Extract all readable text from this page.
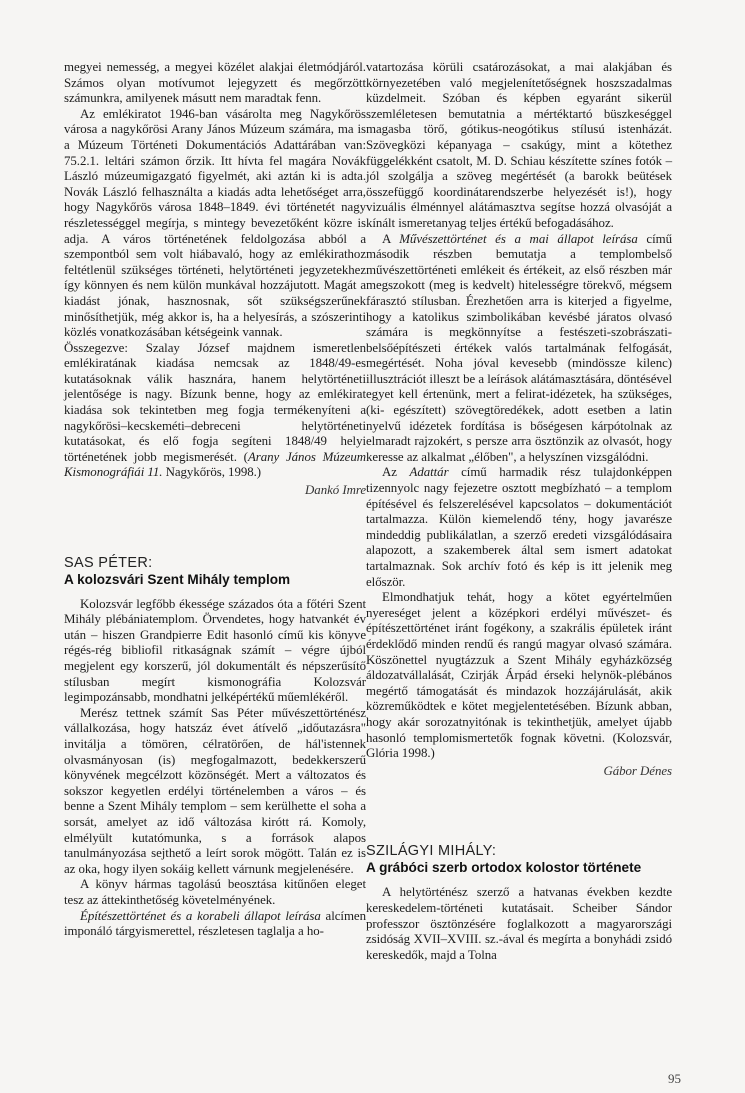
megyei nemesség, a megyei közélet alakjai életmódjáról. Számos olyan motívumot lejegyzett és megőrzött számunkra, amilyenek másutt nem maradtak fenn.

Az emlékiratot 1946-ban vásárolta meg Nagykőrös városa a nagykőrösi Arany János Múzeum számára, ma is a Múzeum Történeti Dokumentációs Adattárában van: 75.2.1. leltári számon őrzik. Itt hívta fel magára Novák László múzeumigazgató figyelmét, aki aztán ki is adta. Novák László felhasználta a kiadás adta lehetőséget arra, hogy Nagykőrös városa 1848–1849. évi történetét nagy részletességgel megírja, s mintegy bevezetőként közre is adja. A város történetének feldolgozása abból a szempontból sem volt hiábavaló, hogy az emlékirathoz feltétlenül szükséges történeti, helytörténeti jegyzetekhez így könnyen és nem külön munkával hozzájutott. Magát a kiadást jónak, hasznosnak, sőt szükségszerűnek minősíthetjük, még akkor is, ha a helyesírás, a szószerinti közlés vonatkozásában kétségeink vannak.

Összegezve: Szalay József majdnem ismeretlen emlékiratának kiadása nemcsak az 1848/49-es kutatásoknak válik hasznára, hanem helytörténeti jelentősége is nagy. Bízunk benne, hogy az emlékirat kiadása sok tekintetben meg fogja termékenyíteni a nagykőrösi–kecskeméti–debreceni helytörténeti kutatásokat, és elő fogja segíteni 1848/49 helyi történetének jobb megismerését. (Arany János Múzeum Kismonográfiái 11. Nagykőrös, 1998.)

Dankó Imre

SAS PÉTER:
A kolozsvári Szent Mihály templom

Kolozsvár legfőbb ékessége százados óta a főtéri Szent Mihály plébániatemplom. Örvendetes, hogy hatvankét év után – hiszen Grandpierre Edit hasonló című kis könyve régés-rég bibliofil ritkaságnak számít – végre újból megjelent egy korszerű, jól dokumentált és népszerűsítő stílusban megírt kismonográfia Kolozsvár legimpozánsabb, mondhatni jelképértékű műemlékéről.

Merész tettnek számít Sas Péter művészettörténész vállalkozása, hogy hatszáz évet átívelő „időutazásra" invitálja a tömören, célratörően, de hál'istennek olvasmányosan (is) megfogalmazott, bedekkerszerű könyvének megcélzott közönségét. Mert a változatos és sokszor kegyetlen erdélyi történelemben a város – és benne a Szent Mihály templom – sem kerülhette el soha a sorsát, amelyet az idő változása kirótt rá. Komoly, elmélyült kutatómunka, s a források alapos tanulmányozása sejthető a leírt sorok mögött. Talán ez is az oka, hogy ilyen sokáig kellett várnunk megjelenésére.

A könyv hármas tagolású beosztása kitűnően eleget tesz az áttekinthetőség követelményének.

Építészettörténet és a korabeli állapot leírása alcímen imponáló tárgyismerettel, részletesen taglalja a ho-

vatartozása körüli csatározásokat, a mai alakjában és környezetében való megjelenítetőségnek hoszszadalmas küzdelmeit. Szóban és képben egyaránt sikerül szemléletesen bemutatnia a mértéktartó büszkeséggel magasba törő, gótikus-neogótikus stílusú istenházát. Szövegközi képanyaga – csakúgy, mint a kötethez függelékként csatolt, M. D. Schiau készítette színes fotók – jól szolgálja a szöveg megértését (a barokk beütések összefüggő koordinátarendszerbe helyezését is!), hogy vizuális élménnyel alátámasztva segítse hozzá olvasóját a kínált ismeretanyag teljes értékű befogadásához.

A Művészettörténet és a mai állapot leírása című második részben bemutatja a templombelső művészettörténeti emlékeit és értékeit, az első részben már megszokott (meg is kedvelt) hitelességre törekvő, mégsem fárasztó stílusban. Érezhetően arra is kiterjed a figyelme, hogy a katolikus szimbolikában kevésbé járatos olvasó számára is megkönnyítse a festészeti-szobrászati-belsőépítészeti értékek valós tartalmának felfogását, megértését. Noha jóval kevesebb (mindössze kilenc) illusztrációt illeszt be a leírások alátámasztására, döntésével egyet kell értenünk, mert a felirat-idézetek, ha szükséges, (ki- egészített) szövegtöredékek, adott esetben a latin nyelvű idézetek fordítása is bőségesen kárpótolnak az elmaradt rajzokért, s persze arra ösztönzik az olvasót, hogy keresse az alkalmat „élőben", a helyszínen vizsgálódni.

Az Adattár című harmadik rész tulajdonképpen tizennyolc nagy fejezetre osztott megbízható – a templom építésével és felszerelésével kapcsolatos – dokumentációt tartalmazza. Külön kiemelendő tény, hogy javarésze mindeddig publikálatlan, a szerző eredeti vizsgálódásaira alapozott, a szakemberek által sem ismert adatokat tartalmaznak. Sok archív fotó és kép is itt jelenik meg először.

Elmondhatjuk tehát, hogy a kötet egyértelműen nyereséget jelent a középkori erdélyi művészet- és építészettörténet iránt fogékony, a szakrális épületek iránt érdeklődő minden rendű és rangú magyar olvasó számára. Köszönettel nyugtázzuk a Szent Mihály egyházközség áldozatvállalását, Czirják Árpád érseki helynök-plébános megértő támogatását és mindazok hozzájárulását, akik közreműködtek e kötet megjelentetésében. Bízunk abban, hogy akár sorozatnyitónak is tekinthetjük, amelyet újabb hasonló templomismertetők fognak követni. (Kolozsvár, Glória 1998.)

Gábor Dénes

SZILÁGYI MIHÁLY:
A grábóci szerb ortodox kolostor története

A helytörténész szerző a hatvanas években kezdte kereskedelem-történeti kutatásait. Scheiber Sándor professzor ösztönzésére foglalkozott a magyarországi zsidóság XVII–XVIII. sz.-ával és megírta a bonyhádi zsidó kereskedők, majd a Tolna

95
